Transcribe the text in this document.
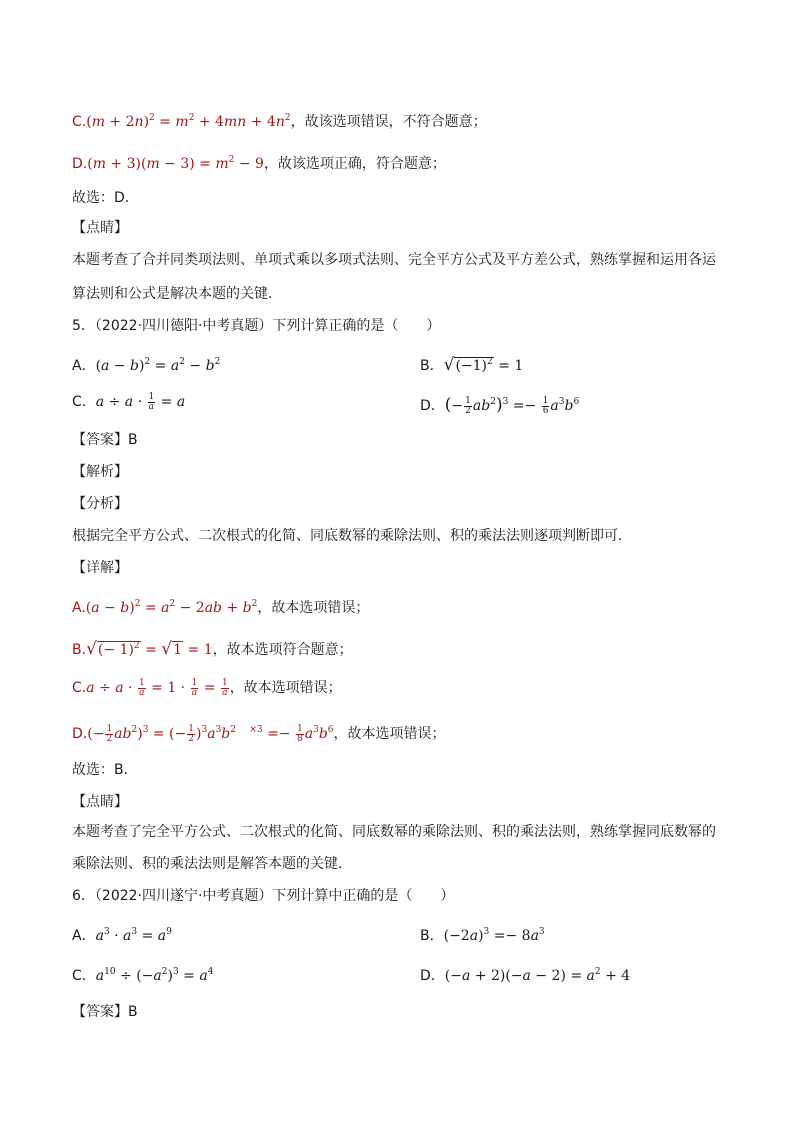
$C.(m + 2n)^2 = m^2 + 4mn + 4n^2$，故该选项错误，不符合题意；
$D.(m + 3)(m - 3) = m^2 - 9$，故该选项正确，符合题意；
故选：D．
【点睛】
本题考查了合并同类项法则、单项式乘以多项式法则、完全平方公式及平方差公式，熟练掌握和运用各运
算法则和公式是解决本题的关键．
5．（2022·四川德阳·中考真题）下列计算正确的是（　　）
A．$(a - b)^2 = a^2 - b^2$	B．$√(-1)^2 = 1$
C．$a \div a \cdot \frac{1}{a} = a$	D．(− $\frac{1}{2} ab^2)^3 =- \frac{1}{6} a^3b^6$
【答案】B
【解析】
【分析】
根据完全平方公式、二次根式的化简、同底数幂的乘除法则、积的乘法法则逐项判断即可．
【详解】
$A.(a - b)^2 = a^2 - 2ab + b^2$，故本选项错误；
$B.√(- 1)^2 = √1 = 1$，故本选项符合题意；
$C.a \div a \cdot \frac{1}{a} = 1 \cdot \frac{1}{a} = \frac{1}{a}$ ，故本选项错误；
$D.(- \frac{1}{2} ab^2)^3$ = (− $\frac{1}{2} )^3a^3b^2$ $^{\times 3} =- \frac{1}{8} a^3b^6$，故本选项错误；
故选：B．
【点睛】
本题考查了完全平方公式、二次根式的化简、同底数幂的乘除法则、积的乘法法则，熟练掌握同底数幂的
乘除法则、积的乘法法则是解答本题的关键．
6．（2022·四川遂宁·中考真题）下列计算中正确的是（　　）
A．$a^3 \cdot a^3 = a^9$	B．$(-2a)^3 =- 8a^3$
C．$a^{10} \div (-a^2)^3 = a^4$	D．$(-a + 2)(-a - 2) = a^2 + 4$
【答案】B
